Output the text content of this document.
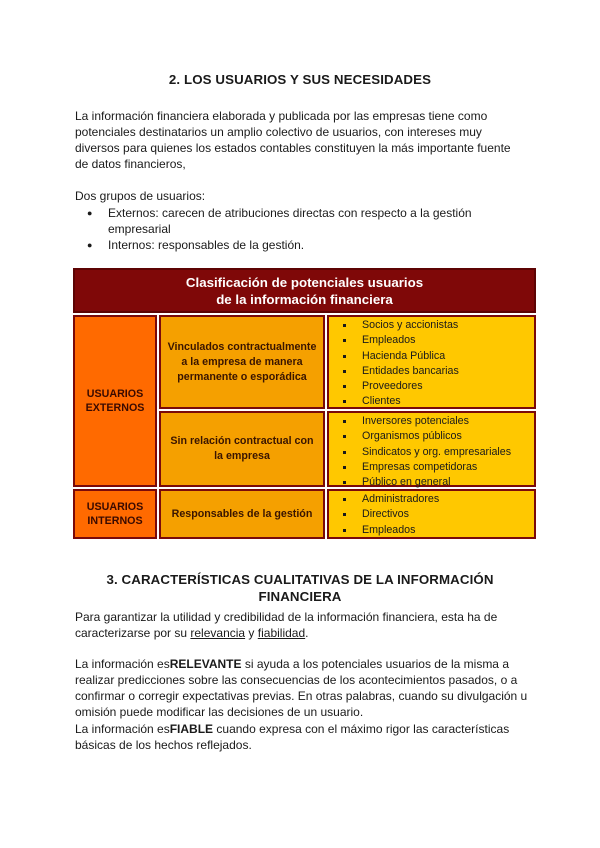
2. LOS USUARIOS Y SUS NECESIDADES

La información financiera elaborada y publicada por las empresas tiene como potenciales destinatarios un amplio colectivo de usuarios, con intereses muy diversos para quienes los estados contables constituyen la más importante fuente de datos financieros,

Dos grupos de usuarios:

● Externos: carecen de atribuciones directas con respecto a la gestión empresarial
● Internos: responsables de la gestión.
Clasificación de potenciales usuarios
de la información financiera
USUARIOS EXTERNOS
Vinculados contractualmente a la empresa de manera permanente o esporádica
Socios y accionistas
Empleados
Hacienda Pública
Entidades bancarias
Proveedores
Clientes
Sin relación contractual con la empresa
Inversores potenciales
Organismos públicos
Sindicatos y org. empresariales
Empresas competidoras
Público en general
USUARIOS INTERNOS
Responsables de la gestión
Administradores
Directivos
Empleados
3. CARACTERÍSTICAS CUALITATIVAS DE LA INFORMACIÓN FINANCIERA

Para garantizar la utilidad y credibilidad de la información financiera, esta ha de caracterizarse por su relevancia y fiabilidad.

La información esRELEVANTE si ayuda a los potenciales usuarios de la misma a realizar predicciones sobre las consecuencias de los acontecimientos pasados, o a confirmar o corregir expectativas previas. En otras palabras, cuando su divulgación u omisión puede modificar las decisiones de un usuario.

La información esFIABLE cuando expresa con el máximo rigor las características básicas de los hechos reflejados.
